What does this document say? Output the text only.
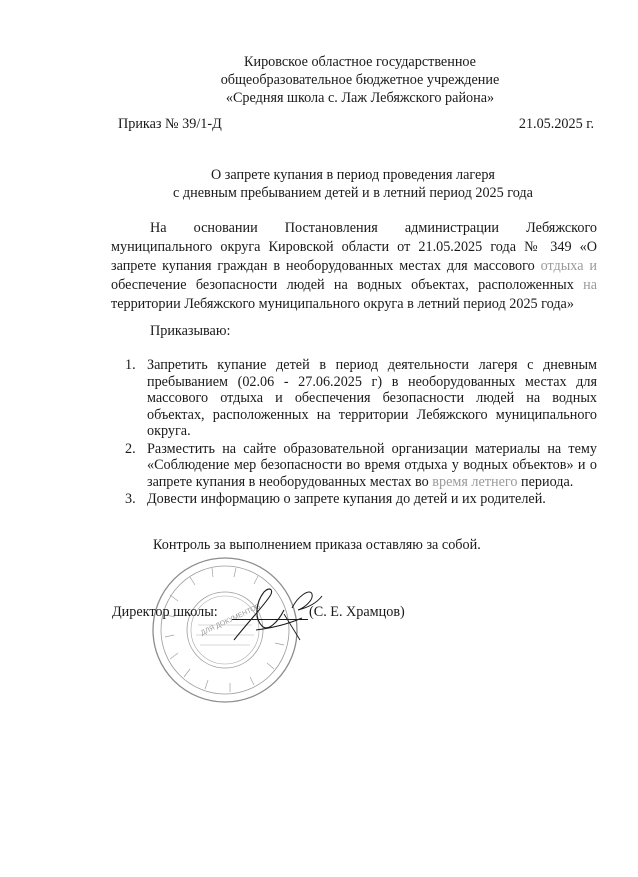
Кировское областное государственное
общеобразовательное бюджетное учреждение
«Средняя школа с. Лаж Лебяжского района»
Приказ № 39/1-Д	21.05.2025 г.
О запрете купания в период проведения лагеря
с дневным пребыванием детей и в летний период 2025 года
На основании Постановления администрации Лебяжского муниципального округа Кировской области от 21.05.2025 года № 349 «О запрете купания граждан в необорудованных местах для массового отдыха и обеспечение безопасности людей на водных объектах, расположенных на территории Лебяжского муниципального округа в летний период 2025 года»
Приказываю:
1. Запретить купание детей в период деятельности лагеря с дневным пребыванием (02.06 - 27.06.2025 г) в необорудованных местах для массового отдыха и обеспечения безопасности людей на водных объектах, расположенных на территории Лебяжского муниципального округа.
2. Разместить на сайте образовательной организации материалы на тему «Соблюдение мер безопасности во время отдыха у водных объектов» и о запрете купания в необорудованных местах во время летнего периода.
3. Довести информацию о запрете купания до детей и их родителей.
Контроль за выполнением приказа оставляю за собой.
ДЛЯ ДОКУМЕНТОВ
Директор школы:	(С. Е. Храмцов)
